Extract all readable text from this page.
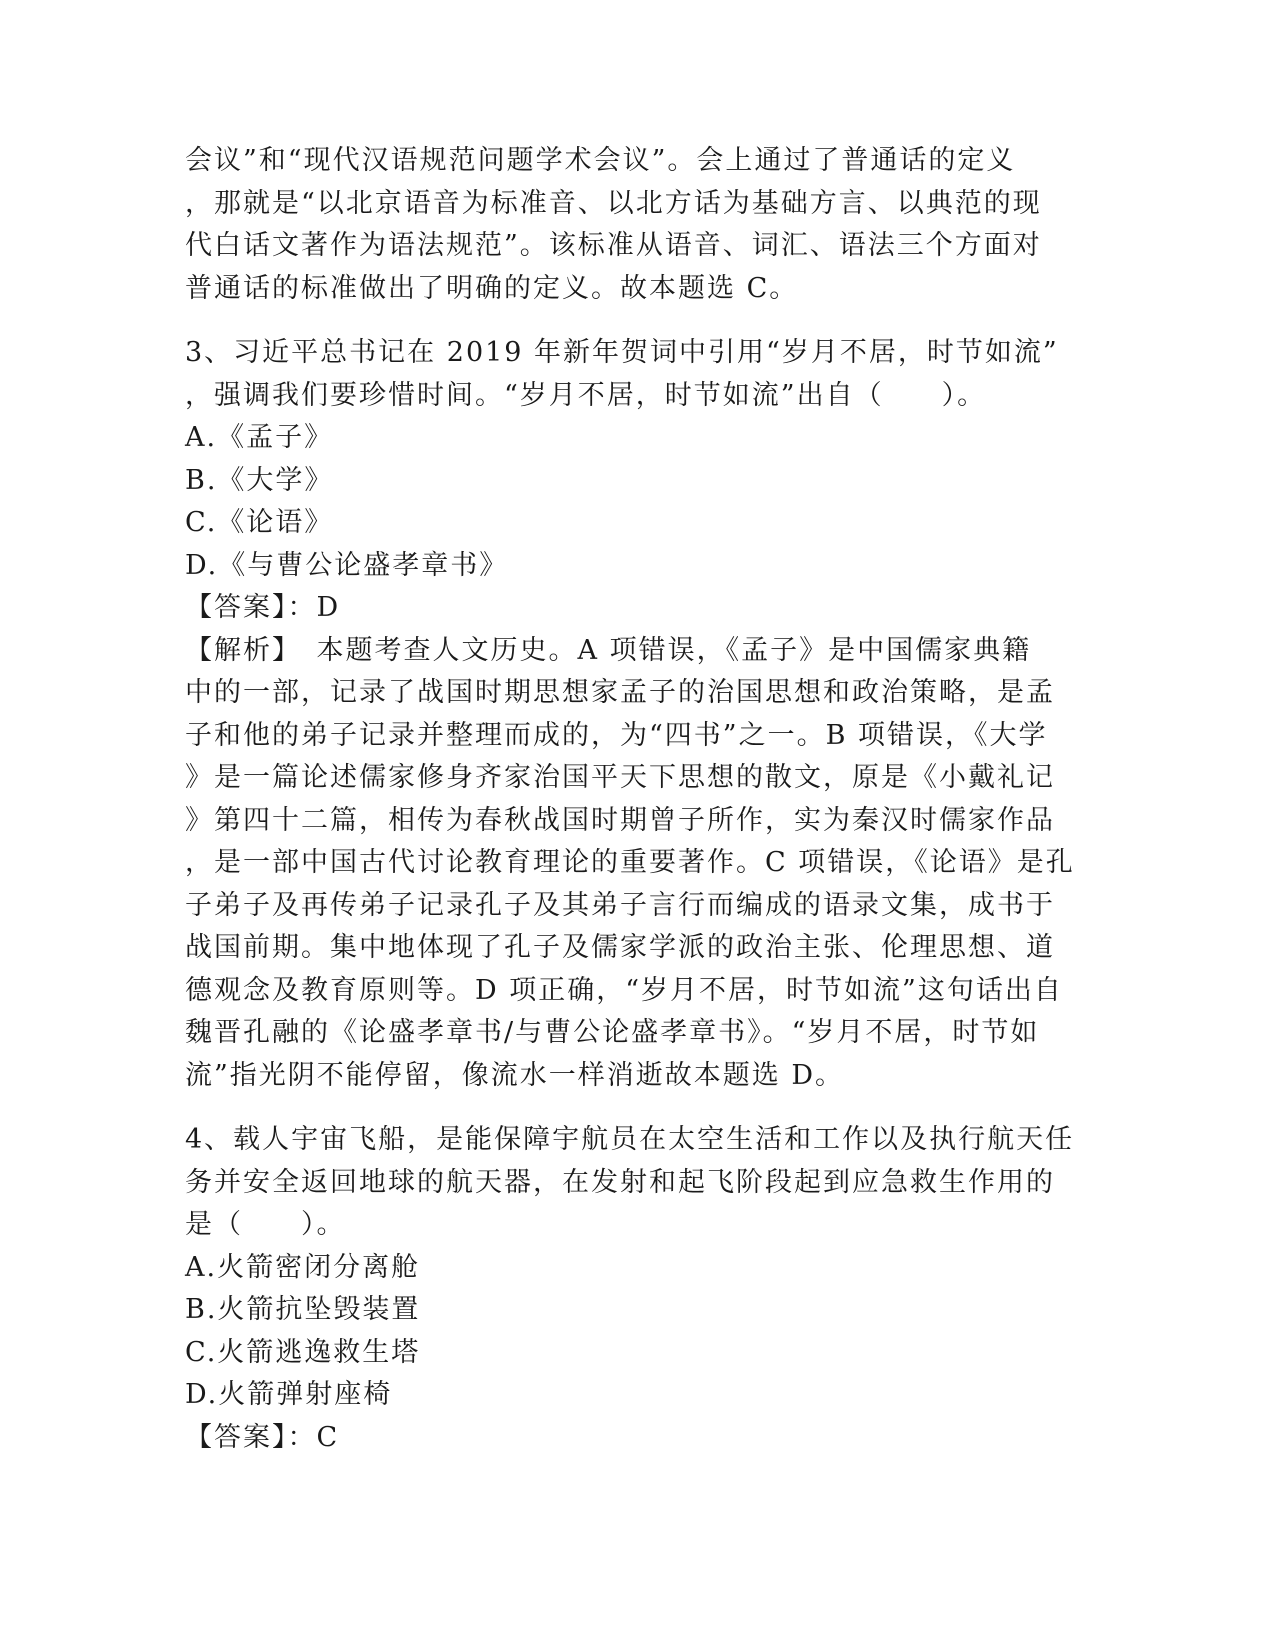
会议”和“现代汉语规范问题学术会议”。会上通过了普通话的定义
，那就是“以北京语音为标准音、以北方话为基础方言、以典范的现
代白话文著作为语法规范”。该标准从语音、词汇、语法三个方面对
普通话的标准做出了明确的定义。故本题选 C。
3、习近平总书记在 2019 年新年贺词中引用“岁月不居，时节如流”
，强调我们要珍惜时间。“岁月不居，时节如流”出自（　　）。
A.《孟子》
B.《大学》
C.《论语》
D.《与曹公论盛孝章书》
【答案】：D
【解析】　本题考查人文历史。A 项错误，《孟子》是中国儒家典籍
中的一部，记录了战国时期思想家孟子的治国思想和政治策略，是孟
子和他的弟子记录并整理而成的，为“四书”之一。B 项错误，《大学
》是一篇论述儒家修身齐家治国平天下思想的散文，原是《小戴礼记
》第四十二篇，相传为春秋战国时期曾子所作，实为秦汉时儒家作品
，是一部中国古代讨论教育理论的重要著作。C 项错误，《论语》是孔
子弟子及再传弟子记录孔子及其弟子言行而编成的语录文集，成书于
战国前期。集中地体现了孔子及儒家学派的政治主张、伦理思想、道
德观念及教育原则等。D 项正确，“岁月不居，时节如流”这句话出自
魏晋孔融的《论盛孝章书/与曹公论盛孝章书》。“岁月不居，时节如
流”指光阴不能停留，像流水一样消逝故本题选 D。
4、载人宇宙飞船，是能保障宇航员在太空生活和工作以及执行航天任
务并安全返回地球的航天器，在发射和起飞阶段起到应急救生作用的
是（　　）。
A.火箭密闭分离舱
B.火箭抗坠毁装置
C.火箭逃逸救生塔
D.火箭弹射座椅
【答案】：C
